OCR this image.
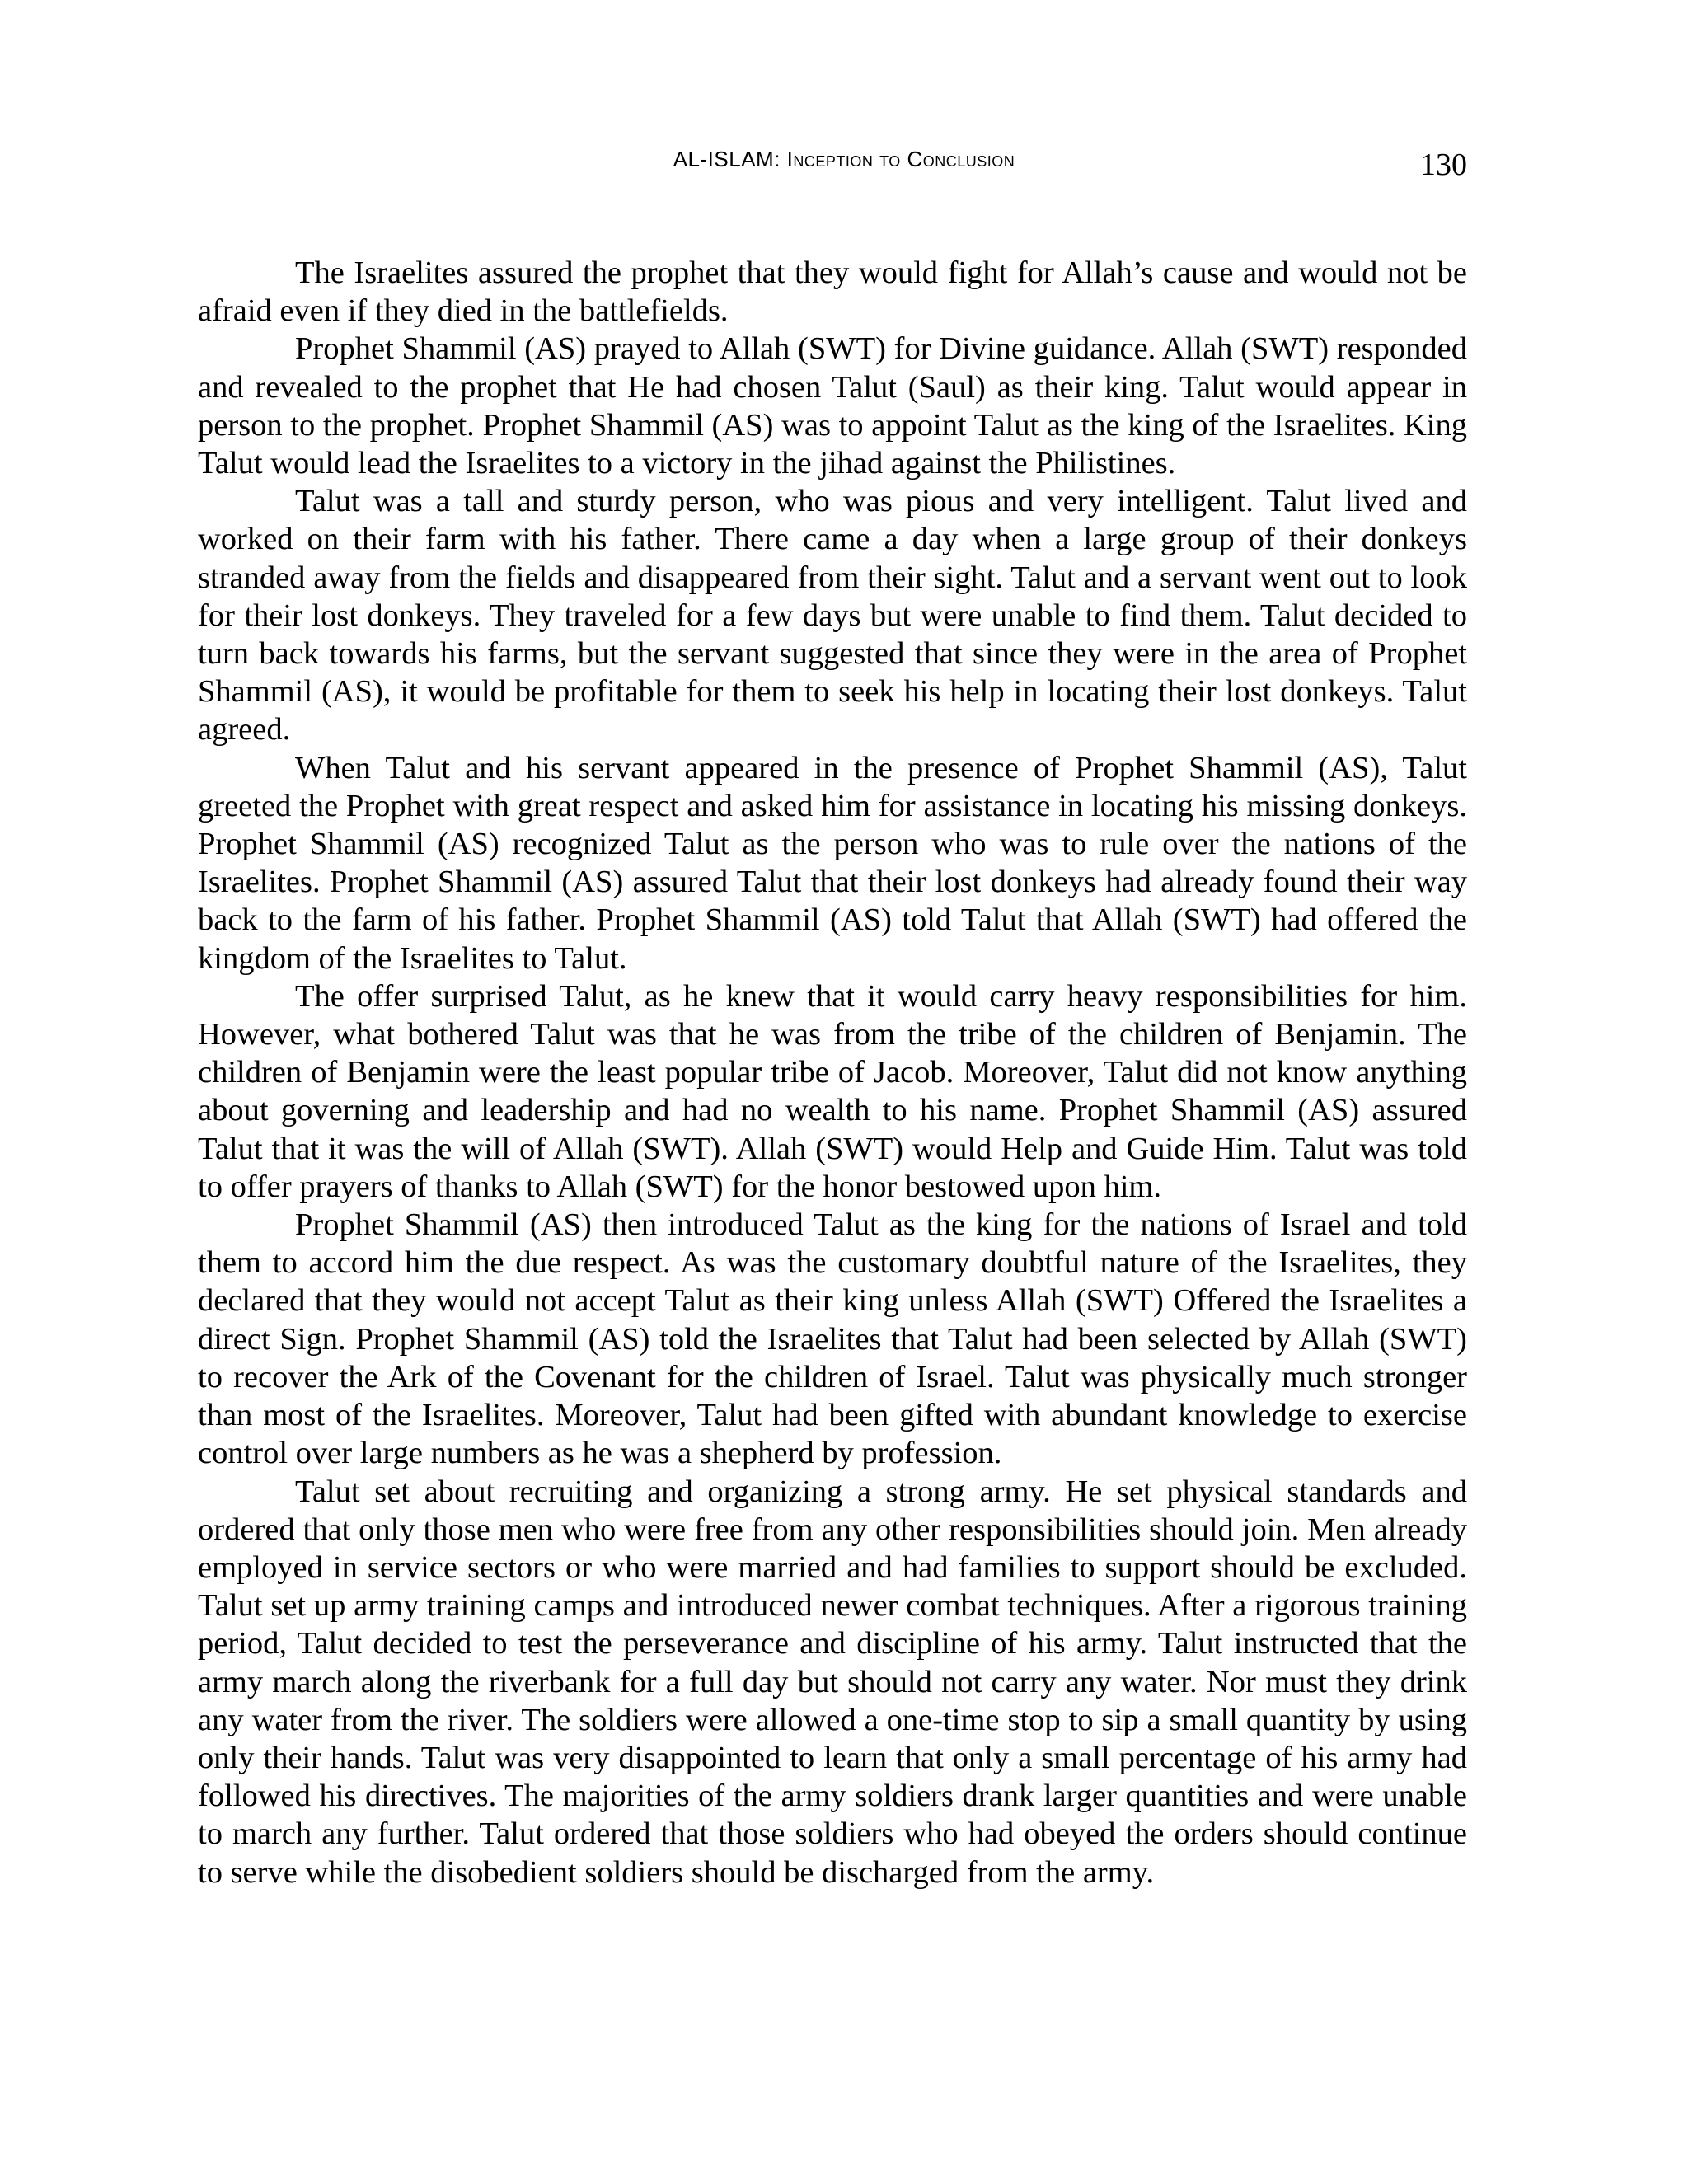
AL-ISLAM: Inception to Conclusion	130

The Israelites assured the prophet that they would fight for Allah’s cause and would not be afraid even if they died in the battlefields.

Prophet Shammil (AS) prayed to Allah (SWT) for Divine guidance. Allah (SWT) responded and revealed to the prophet that He had chosen Talut (Saul) as their king. Talut would appear in person to the prophet. Prophet Shammil (AS) was to appoint Talut as the king of the Israelites. King Talut would lead the Israelites to a victory in the jihad against the Philistines.

Talut was a tall and sturdy person, who was pious and very intelligent. Talut lived and worked on their farm with his father. There came a day when a large group of their donkeys stranded away from the fields and disappeared from their sight. Talut and a servant went out to look for their lost donkeys. They traveled for a few days but were unable to find them. Talut decided to turn back towards his farms, but the servant suggested that since they were in the area of Prophet Shammil (AS), it would be profitable for them to seek his help in locating their lost donkeys. Talut agreed.

When Talut and his servant appeared in the presence of Prophet Shammil (AS), Talut greeted the Prophet with great respect and asked him for assistance in locating his missing donkeys. Prophet Shammil (AS) recognized Talut as the person who was to rule over the nations of the Israelites. Prophet Shammil (AS) assured Talut that their lost donkeys had already found their way back to the farm of his father. Prophet Shammil (AS) told Talut that Allah (SWT) had offered the kingdom of the Israelites to Talut.

The offer surprised Talut, as he knew that it would carry heavy responsibilities for him. However, what bothered Talut was that he was from the tribe of the children of Benjamin. The children of Benjamin were the least popular tribe of Jacob. Moreover, Talut did not know anything about governing and leadership and had no wealth to his name. Prophet Shammil (AS) assured Talut that it was the will of Allah (SWT). Allah (SWT) would Help and Guide Him. Talut was told to offer prayers of thanks to Allah (SWT) for the honor bestowed upon him.

Prophet Shammil (AS) then introduced Talut as the king for the nations of Israel and told them to accord him the due respect. As was the customary doubtful nature of the Israelites, they declared that they would not accept Talut as their king unless Allah (SWT) Offered the Israelites a direct Sign. Prophet Shammil (AS) told the Israelites that Talut had been selected by Allah (SWT) to recover the Ark of the Covenant for the children of Israel. Talut was physically much stronger than most of the Israelites. Moreover, Talut had been gifted with abundant knowledge to exercise control over large numbers as he was a shepherd by profession.

Talut set about recruiting and organizing a strong army. He set physical standards and ordered that only those men who were free from any other responsibilities should join. Men already employed in service sectors or who were married and had families to support should be excluded. Talut set up army training camps and introduced newer combat techniques. After a rigorous training period, Talut decided to test the perseverance and discipline of his army. Talut instructed that the army march along the riverbank for a full day but should not carry any water. Nor must they drink any water from the river. The soldiers were allowed a one-time stop to sip a small quantity by using only their hands. Talut was very disappointed to learn that only a small percentage of his army had followed his directives. The majorities of the army soldiers drank larger quantities and were unable to march any further. Talut ordered that those soldiers who had obeyed the orders should continue to serve while the disobedient soldiers should be discharged from the army.
